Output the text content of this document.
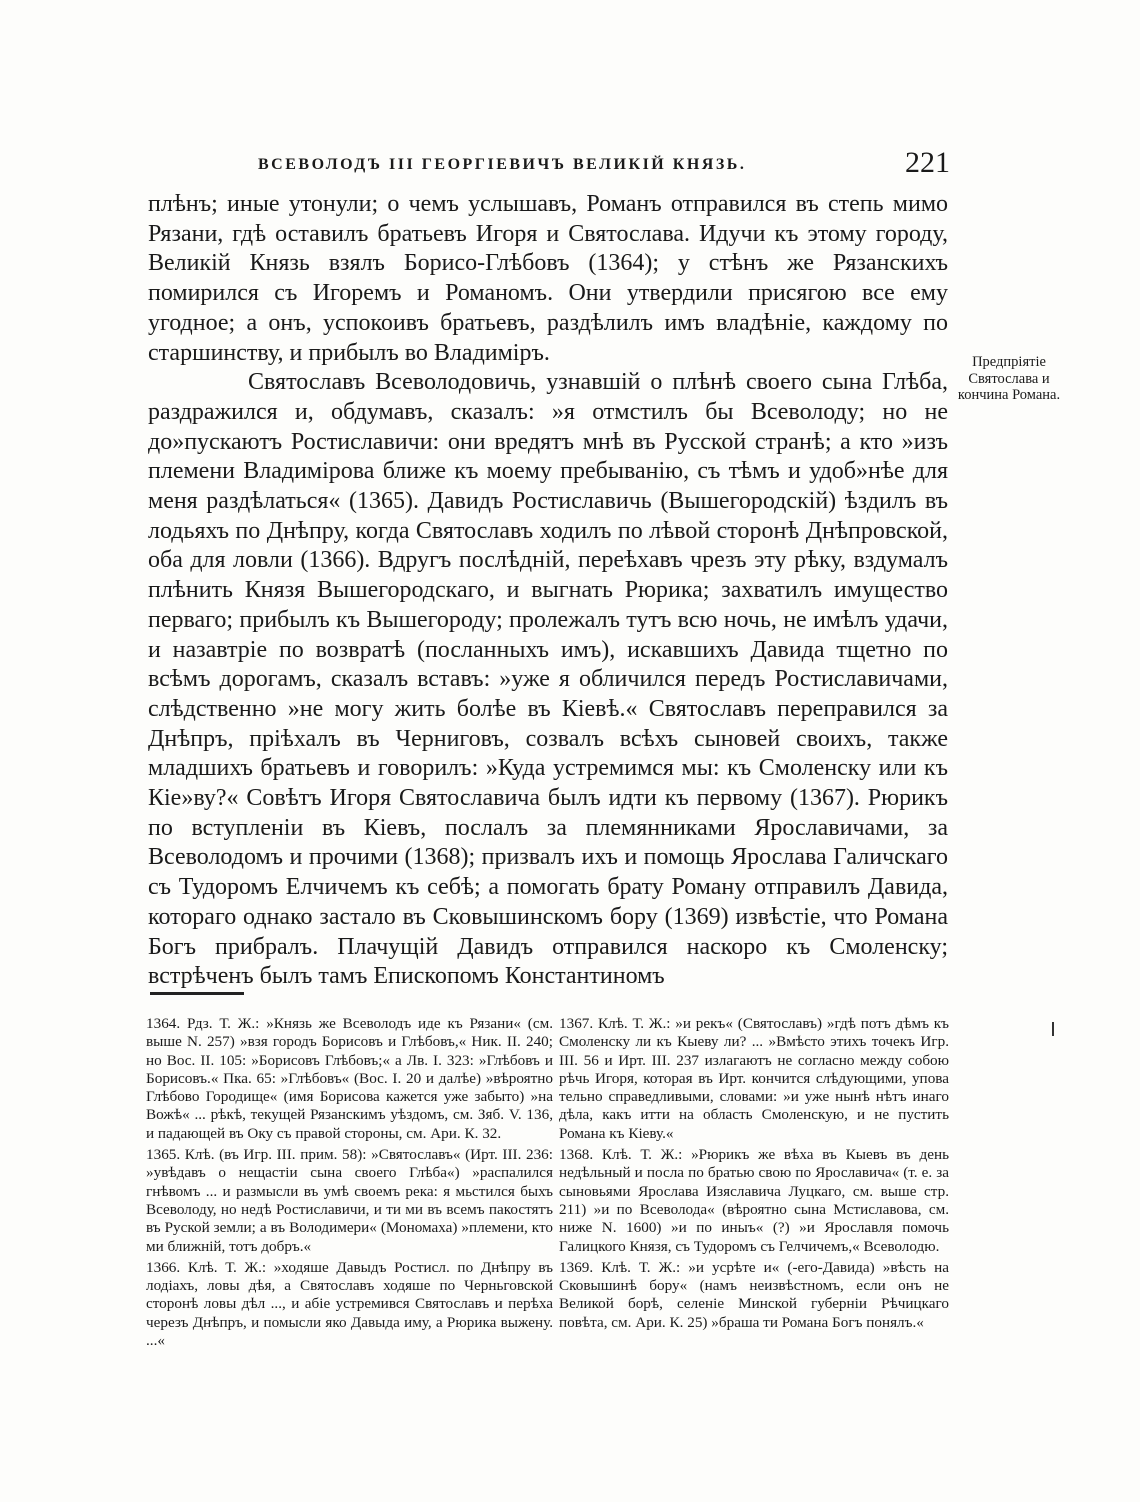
ВСЕВОЛОДЪ III ГЕОРГІЕВИЧЪ ВЕЛИКІЙ КНЯЗЬ.	221

плѣнъ; иные утонули; о чемъ услышавъ, Романъ отправился въ степь мимо Рязани, гдѣ оставилъ братьевъ Игоря и Святослава. Идучи къ этому городу, Великій Князь взялъ Борисо-Глѣбовъ (1364); у стѣнъ же Рязанскихъ помирился съ Игоремъ и Романомъ. Они утвердили присягою все ему угодное; а онъ, успокоивъ братьевъ, раздѣлилъ имъ владѣніе, каждому по старшинству, и прибылъ во Владиміръ.

Святославъ Всеволодовичь, узнавшій о плѣнѣ своего сына Глѣба, раздражился и, обдумавъ, сказалъ: »я отмстилъ бы Всеволоду; но не до»пускаютъ Ростиславичи: они вредятъ мнѣ въ Русской странѣ; а кто »изъ племени Владимірова ближе къ моему пребыванію, съ тѣмъ и удоб»нѣе для меня раздѣлаться« (1365). Давидъ Ростиславичь (Вышегородскій) ѣздилъ въ лодьяхъ по Днѣпру, когда Святославъ ходилъ по лѣвой сторонѣ Днѣпровской, оба для ловли (1366). Вдругъ послѣдній, переѣхавъ чрезъ эту рѣку, вздумалъ плѣнить Князя Вышегородскаго, и выгнать Рюрика; захватилъ имущество перваго; прибылъ къ Вышегороду; пролежалъ тутъ всю ночь, не имѣлъ удачи, и назавтріе по возвратѣ (посланныхъ имъ), искавшихъ Давида тщетно по всѣмъ дорогамъ, сказалъ вставъ: »уже я обличился передъ Ростиславичами, слѣдственно »не могу жить болѣе въ Кіевѣ.« Святославъ переправился за Днѣпръ, пріѣхалъ въ Черниговъ, созвалъ всѣхъ сыновей своихъ, также младшихъ братьевъ и говорилъ: »Куда устремимся мы: къ Смоленску или къ Кіе»ву?« Совѣтъ Игоря Святославича былъ идти къ первому (1367). Рюрикъ по вступленіи въ Кіевъ, послалъ за племянниками Ярославичами, за Всеволодомъ и прочими (1368); призвалъ ихъ и помощь Ярослава Галичскаго съ Тудоромъ Елчичемъ къ себѣ; а помогать брату Роману отправилъ Давида, котораго однако застало въ Сковышинскомъ бору (1369) извѣстіе, что Романа Богъ прибралъ. Плачущій Давидъ отправился наскоро къ Смоленску; встрѣченъ былъ тамъ Епископомъ Константиномъ

Предпріятіе Святослава и кончина Романа.

1364. Рдз. Т. Ж.: »Князь же Всеволодъ иде къ Рязани« (см. выше N. 257) »взя городъ Борисовъ и Глѣбовъ,« Ник. II. 240; но Вос. II. 105: »Борисовъ Глѣбовъ;« а Лв. I. 323: »Глѣбовъ и Борисовъ.« Пка. 65: »Глѣбовъ« (Вос. I. 20 и далѣе) »вѣроятно Глѣбово Городище« (имя Борисова кажется уже забыто) »на Вожѣ« ... рѣкѣ, текущей Рязанскимъ уѣздомъ, см. Зяб. V. 136, и падающей въ Оку съ правой стороны, см. Ари. К. 32.

1365. Клѣ. (въ Игр. III. прим. 58): »Святославъ« (Ирт. III. 236: »увѣдавъ о нещастіи сына своего Глѣба«) »распалился гнѣвомъ ... и размысли въ умѣ своемъ река: я мьстился быхъ Всеволоду, но недѣ Ростиславичи, и ти ми въ всемъ пакостятъ въ Руской земли; а въ Володимери« (Мономаха) »племени, кто ми ближній, тотъ добръ.«

1366. Клѣ. Т. Ж.: »ходяше Давыдъ Ростисл. по Днѣпру въ лодіахъ, ловы дѣя, а Святославъ ходяше по Черньговской сторонѣ ловы дѣл ..., и абіе устремився Святославъ и перѣха черезъ Днѣпръ, и помысли яко Давыда иму, а Рюрика выжену. ...«

1367. Клѣ. Т. Ж.: »и рекъ« (Святославъ) »гдѣ потъ дѣмъ къ Смоленску ли къ Кыеву ли? ... »Вмѣсто этихъ точекъ Игр. III. 56 и Ирт. III. 237 излагаютъ не согласно между собою рѣчь Игоря, которая въ Ирт. кончится слѣдующими, упова тельно справедливыми, словами: »и уже нынѣ нѣтъ инаго дѣла, какъ итти на область Смоленскую, и не пустить Романа къ Кіеву.«

1368. Клѣ. Т. Ж.: »Рюрикъ же вѣха въ Кыевъ въ день недѣльный и посла по братью свою по Ярославича« (т. е. за сыновьями Ярослава Изяславича Луцкаго, см. выше стр. 211) »и по Всеволода« (вѣроятно сына Мстиславова, см. ниже N. 1600) »и по иныъ« (?) »и Ярославля помочь Галицкого Князя, съ Тудоромъ съ Гелчичемъ,« Всеволодю.

1369. Клѣ. Т. Ж.: »и усрѣте и« (-его-Давида) »вѣсть на Сковышинѣ бору« (намъ неизвѣстномъ, если онъ не Великой борѣ, селеніе Минской губерніи Рѣчицкаго повѣта, см. Ари. К. 25) »браша ти Романа Богъ понялъ.«
